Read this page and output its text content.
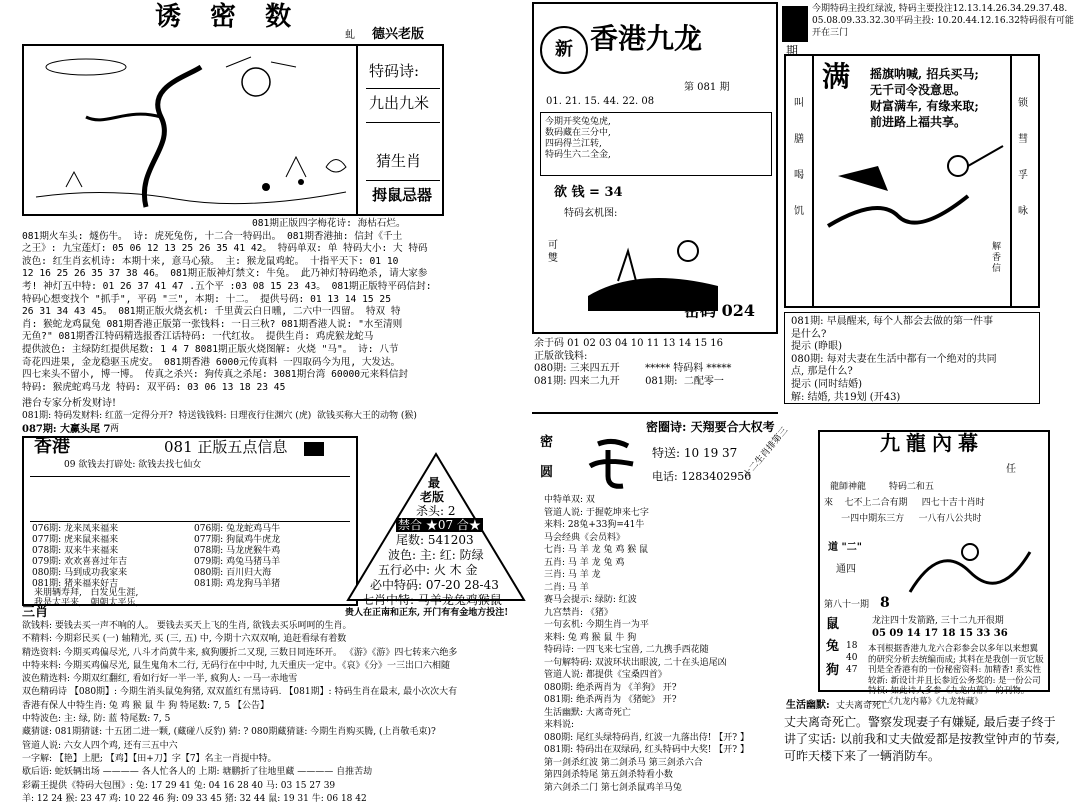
诱 密 数
虬 德兴老版
特码诗:
九出九米
猜生肖
拇鼠忌器

081期正版四字梅花诗: 海枯石烂。

081期火车头: 燧伤牛。 诗: 虎死兔伤, 十二合一特码出。 081期香港抽: 信封《千土

之王》: 九宝莲灯: 05 06 12 13 25 26 35 41 42。 特码单双: 单 特码大小: 大 特码

波色: 红生肖玄机诗: 本期十来, 意马心猿。 主: 猴龙鼠鸡蛇。 十指平天下: 01 10

12 16 25 26 35 37 38 46。 081期正版神灯禁文: 牛兔。 此乃神灯特码绝杀, 请大家参

考! 神灯五中特: 01 26 37 41 47 .五个平 :03 08 15 23 43。 081期正版特平码信封:

特码心想变找个 "抓手", 平码 "三", 本期: 十二。 提供号码: 01 13 14 15 25

26 31 34 43 45。 081期正版火烧玄机: 千里黄云白日曛, 二六中一四留。 特双 特

肖: 猴蛇龙鸡鼠兔 081期香港正版第一张钱料: 一日三秋? 081期香港人说: "水至清则

无鱼?" 081期香江特码精选报香江话特码: 一代红妆。 提供生肖: 鸡虎猴龙蛇马

提供波色: 主绿防红提供尾数: 1 4 7 8081期正版火烧图解: 火烧 "马"。 诗: 八节

奇花四进果, 金龙稳驱玉虎安。 081期香港 6000元传真料 一四取码今为甩, 大发达。

四七来头不留小, 博一博。 传真之杀兴: 狗传真之杀尾: 3081期台湾 60000元来料信封

特码: 猴虎蛇鸡马龙 特码: 双平码: 03 06 13 18 23 45

港台专家分析发财诗!
081期: 特码发财料: 红蓝一定得分开?  特送钱钱料: 日理夜行住渊穴 (虎)  欲钱买称大王的动物 (猴)
087期: 大赢头尾 7 两
香港	081 正版五点信息
09 欲钱去打辟处: 欲钱去找七仙女

076期: 龙来凤来福来

077期: 虎来鼠来福来

078期: 双来牛来福来

079期: 欢欢喜喜过年吉

080期: 马到成功我家来

081期: 猪来福来好吉

076期: 兔龙蛇鸡马牛

077期: 狗鼠鸡牛虎龙

078期: 马龙虎猴牛鸡

079期: 鸡兔马猪马羊

080期: 百川归大海

081期: 鸡龙狗马羊猪

来朋辆寿拜,   白发见生涯,
我是太平来,   朝朝太平乐,
最
老版
杀头: 2
禁合 ★07 合★
尾数: 541203
波色: 主: 红: 防绿
五行必中: 火 木 金
必中特码: 07-20 28-43
七肖中特: 马羊龙兔鸡猴鼠
三肖	贵人在正南和正东, 开门有有金地方投注!

欲钱料: 要钱去买一声不响的人。 要钱去买天上飞的生肖, 欲钱去买乐呵呵的生肖。

不精料: 今期彩民买 (一) 轴精光, 买 (三, 五) 中, 今期十六双双响, 追赶看绿有着数

精选资料: 今期买鸡偏尽光, 八斗才尚黄牛来, 疯狗腰折二又现, 三数日同连环开。 《游》《游》四七转来六绝多

中特来料: 今期买鸡偏尽光, 鼠生鬼角木二行, 无码行在中中时, 九天重庆一定中。《哀》《分》一三出口六相随

波色精选料: 今期双红翻红, 看如行好一半一半, 疯狗人: 一马一赤地雪

双色精码诗 【080期】: 今期生消头鼠兔狗猪, 双双蓝红有黑诗码. 【081期】: 特码生肖在最末, 最小次次大有

香港有保人中特生肖: 兔 鸡 猴 鼠 牛 狗 特尾数: 7, 5 【公告】

中特波色: 主: 绿, 防: 蓝 特尾数: 7, 5

藏猜谜: 081期猜谜: 十五团二进一颗, (藏碰八反豹) 猜: ? 080期藏猜谜: 今期生肖购买腾, (上肖敬毛束)?

管道人说: 六女人四个鸡, 还有三五中六

一字解: 【艳】上肥; 【鸡】【田+刀】字【7】名主一肖提中特。

歇后语: 蛇妖辆出场 ———— 各人忙各人的 上期: 塘鹏折了往地里藏 ———— 自推苦劫

彩霸王提供《特码大包围》: 兔: 17 29 41 兔: 04 16 28 40 马: 03 15 27 39

羊: 12 24 猴: 23 47 鸡: 10 22 46 狗: 09 33 45 猪: 32 44 鼠: 19 31 牛: 06 18 42

新 香港九龙
第 081 期
01. 21. 15. 44. 22. 08
今期开奖兔兔虎,
数码藏在三分中,
四码得兰江转,
特码生六二全金,
欲 钱 = 34
特码玄机图:
可
雙
密码 024

余于码 01 02 03 04 10 11 13 14 15 16

正版欲钱料:

080期: 三来四五开        ***** 特码料 *****

081期: 四来二九开        081期:  二配零一

密圈诗: 天翔要合大权考
密
圆
特送: 10 19 37
电话: 1283402956
十二生肖排第三

中特单双: 双

管道人说: 于握乾坤来七字

来料: 28兔+33狗=41牛

马会经典《会员料》

七肖: 马 羊 龙 兔 鸡 猴 鼠

五肖: 马 羊 龙 兔 鸡

三肖: 马 羊 龙

二肖: 马 羊

赛马会提示: 绿防: 红波

九宫禁肖: 《猪》

一句玄机: 今期生肖一为平

来料: 兔 鸡 猴 鼠 牛 狗

特码诗: 一四飞来七宝兽, 二九携手西花随

一句解特码: 双波环状出眼波, 二十在头追尾凶

管道人说: 都提供《宝桑四首》

080期: 绝杀两肖为 《羊狗》 开?

081期: 绝杀两肖为 《猪蛇》 开?

生活幽默: 大离奇死亡

来料说:

080期: 尾红头绿特码肖, 红波一九落出侍! 【开? 】

081期: 特码出在双绿码, 红头特码中大奖! 【开? 】

第一剑杀红波 第二剑杀马 第三剑杀六合

第四剑杀特尾 第五剑杀特看小数

第六剑杀二门 第七剑杀鼠鸡羊马兔

今期特码主投红绿波, 特码主要投注12.13.14.26.34.29.37.48.
05.08.09.33.32.30平码主投: 10.20.44.12.16.32特码很有可能
开在三门
期
叫
膳
喝
饥
锁
彗
孚
咏
满 摇旗呐喊, 招兵买马;

无千司令没意思。

财富满车, 有缘来取;

前进路上福共享。

解
香
信

081期: 早晨醒来, 每个人都会去做的第一件事

是什么?

提示 (睁眼)

080期: 每对夫妻在生活中都有一个绝对的共同

点, 那是什么?

提示 (同时结婚)

解: 结婚, 共19划 (开43)

九龍內幕
任
龍師神龍        特码二和五
來    七不上二合有期     四七十吉十肖时
一四中期东三方     一八有八公共时
道 "二"
通四
第八十一期 8
龙注四十发箭路, 三十二九开很期
05 09 14 17 18 15 33 36
鼠
兔
狗
18
40
47
本刊根据香港九龙六合彩参会以多年以来想翼的研究分析去统编而成; 其料在是我创一页它版刊是全香港有的一份秘密资料: 加精香! 系实性较新: 新设计并且长参近公务奖的: 是一份公司特权: 如此诗人多参《九龙内幕》 的刊物。 ——《九龙内幕》《九龙特藏》
生活幽默: 丈夫离奇死亡
丈夫离奇死亡。警察发现妻子有嫌疑, 最后妻子终于讲了实话: 以前我和丈夫做爱都是按教堂钟声的节奏, 可昨天楼下来了一辆消防车。
